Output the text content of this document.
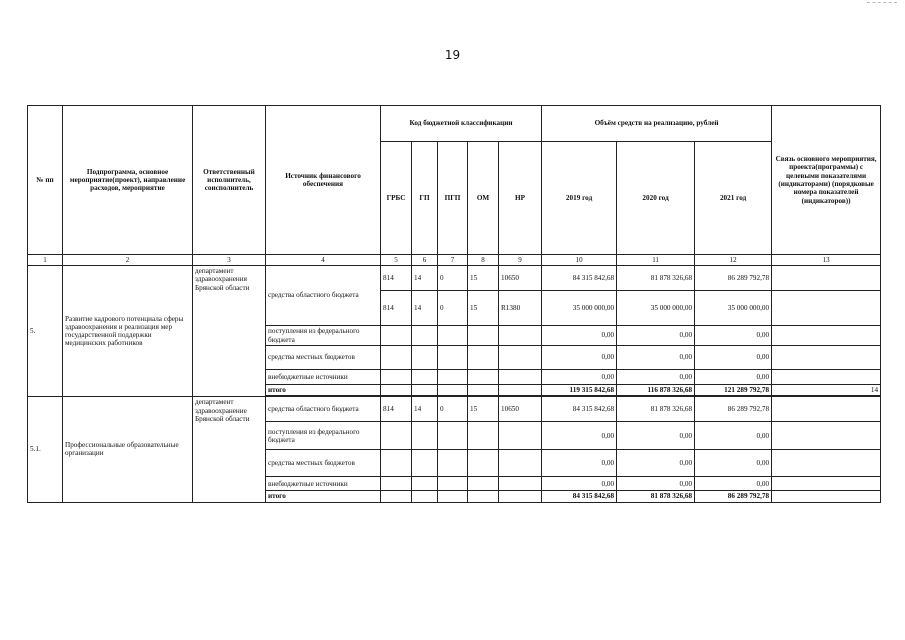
19
№ пп	Подпрограмма, основное мероприятие(проект), направление расходов, мероприятие	Ответственный исполнитель, соисполнитель	Источник финансового обеспечения	Код бюджетной классификации					Объём средств на реализацию, рублей			Связь основного мероприятия, проекта(программы) с целевыми показателями (индикаторами) (порядковые номера показателей (индикаторов))
				ГРБС	ГП	ПГП	ОМ	НР	2019 год	2020 год	2021 год	
1	2	3	4	5	6	7	8	9	10	11	12	13
5.	Развитие кадрового потенциала сферы здравоохранения и реализация мер государственной поддержки медицинских работников	департамент здравоохранения Брянской области	средства областного бюджета	814	14	0	15	10650	84 315 842,68	81 878 326,68	86 289 792,78	
				814	14	0	15	R1380	35 000 000,00	35 000 000,00	35 000 000,00	
			поступления из федерального бюджета						0,00	0,00	0,00	
			средства местных бюджетов						0,00	0,00	0,00	
			внебюджетные источники						0,00	0,00	0,00	
			итого						119 315 842,68	116 878 326,68	121 289 792,78	14

5.1.	Профессиональные образовательные организации	департамент здравоохранение Брянской области	средства областного бюджета	814	14	0	15	10650	84 315 842,68	81 878 326,68	86 289 792,78	
			поступления из федерального бюджета						0,00	0,00	0,00	
			средства местных бюджетов						0,00	0,00	0,00	
			внебюджетные источники						0,00	0,00	0,00	
			итого						84 315 842,68	81 878 326,68	86 289 792,78	
